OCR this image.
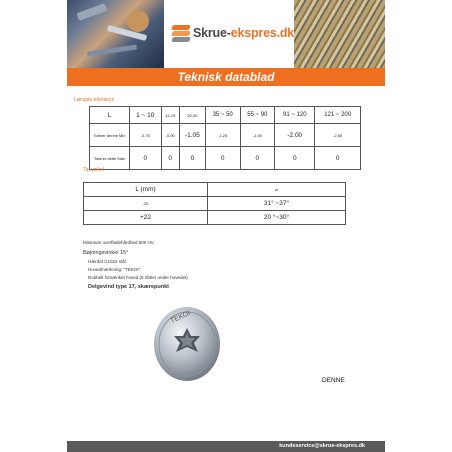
Skrue-ekspres.dk
Teknisk datablad
Længde tolerance
L	1 ~ 10	12-19	20-30	35 ~ 50	55 ~ 90	91 ~ 120	121 ~ 200
Tolerer denne Min	-0,75	-0,90	-1.05	-1,25	-1,50	-2.00	-2,50
Tolerer dette Max	0	0	0	0	0	0	0
Tip vinkel
L (mm)	tα
-20	31° ~37°
+22	20 °~30°
Minimum overfladehårdhed 500 HV
Bøjningsvinkel 15°
Hærdet C1022 stål
Hovedmærkning: "TEKOI"
Dobbelt forsænket hoved (6 ribber under hovedet)
Delgevind type 17, skærepunkt
TEKOI
DENNE
kundeservice@skrue-ekspres.dk
